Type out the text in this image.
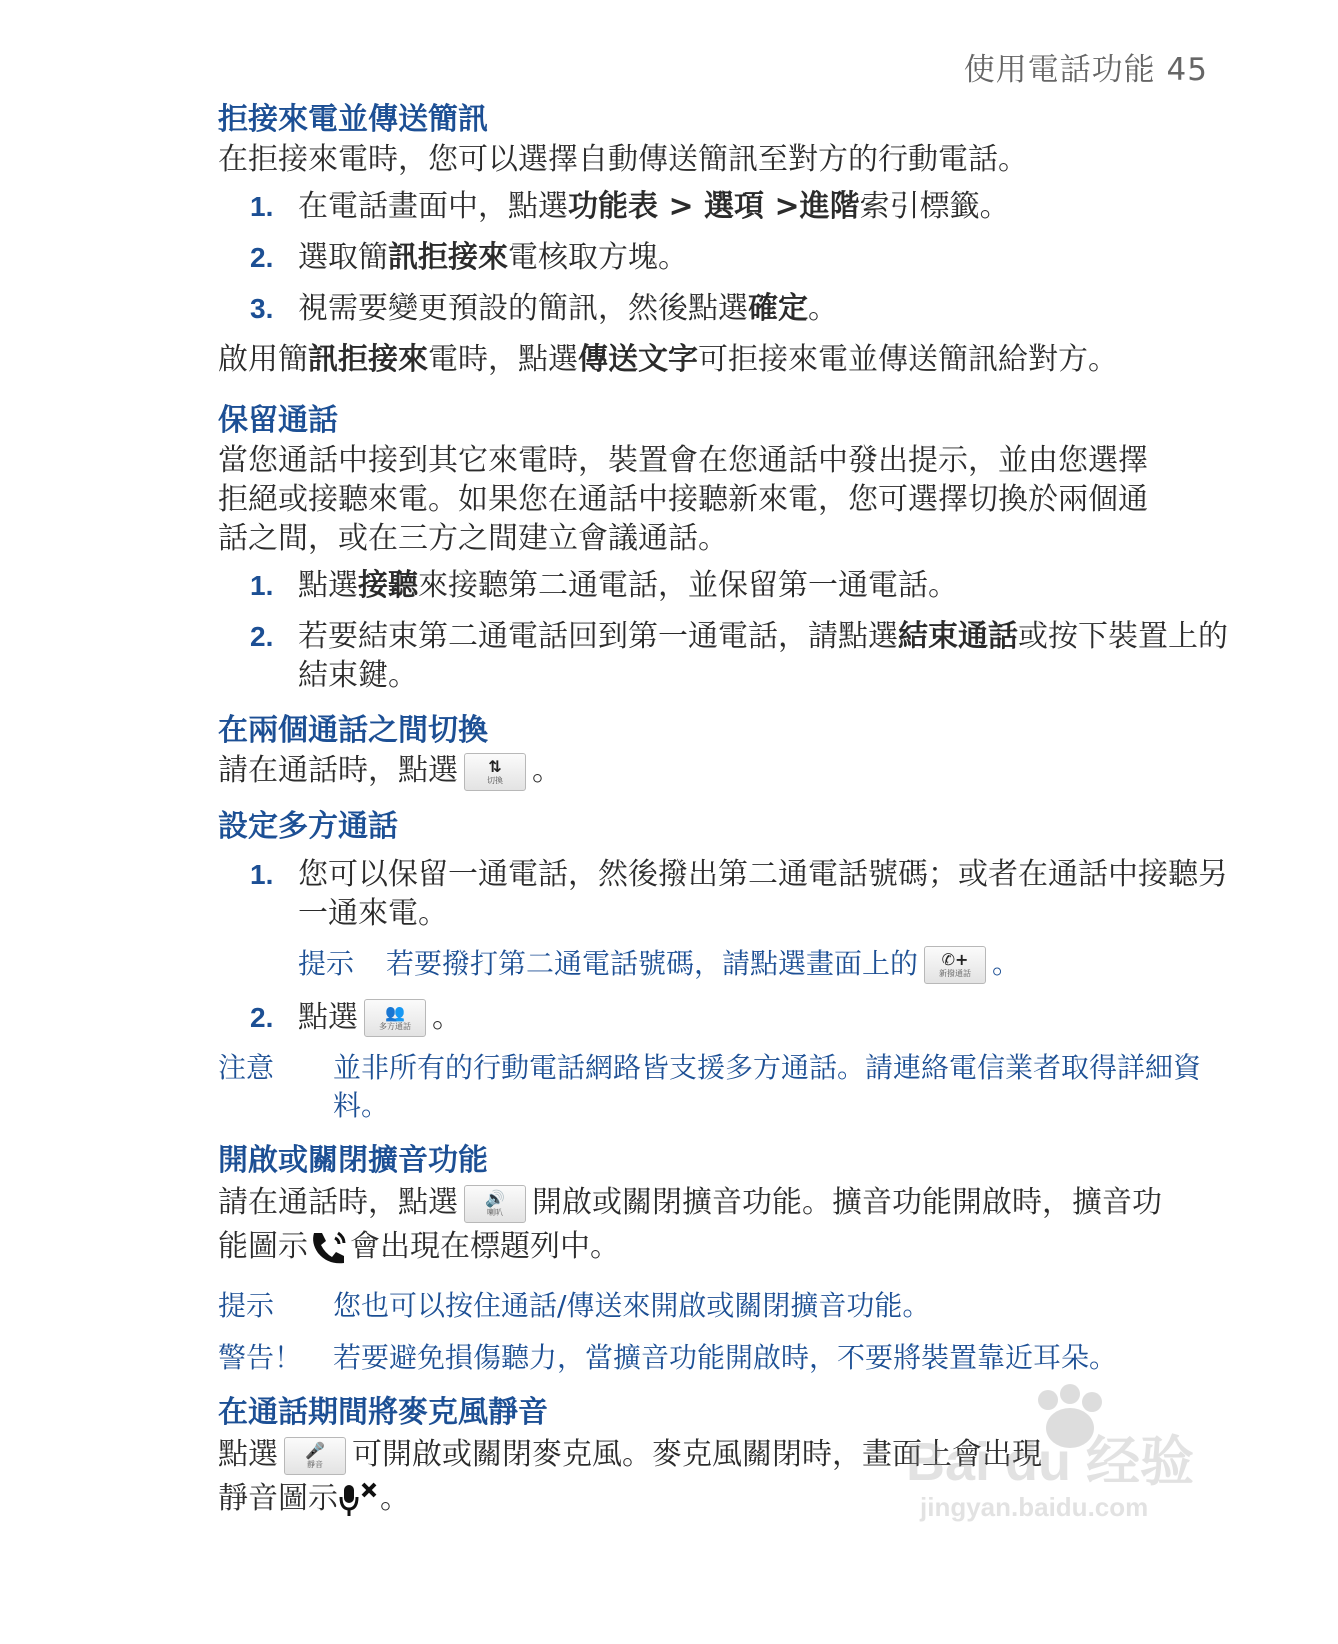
使用電話功能 45
拒接來電並傳送簡訊

在拒接來電時，您可以選擇自動傳送簡訊至對方的行動電話。

1. 在電話畫面中，點選功能表 > 選項 >進階索引標籤。
2. 選取簡訊拒接來電核取方塊。
3. 視需要變更預設的簡訊，然後點選確定。

啟用簡訊拒接來電時，點選傳送文字可拒接來電並傳送簡訊給對方。

保留通話

當您通話中接到其它來電時，裝置會在您通話中發出提示，並由您選擇
拒絕或接聽來電。如果您在通話中接聽新來電，您可選擇切換於兩個通
話之間，或在三方之間建立會議通話。

1. 點選接聽來接聽第二通電話，並保留第一通電話。
2. 若要結束第二通電話回到第一通電話，請點選結束通話或按下裝置上的結束鍵。
在兩個通話之間切換

請在通話時，點選 ⇅
切換 。

設定多方通話
1. 您可以保留一通電話，然後撥出第二通電話號碼；或者在通話中接聽另一通來電。
提示	若要撥打第二通電話號碼，請點選畫面上的 ✆+
新撥通話 。
2. 點選 👥
多方通話 。
注意	並非所有的行動電話網路皆支援多方通話。請連絡電信業者取得詳細資料。
開啟或關閉擴音功能

請在通話時，點選 🔊
喇叭 開啟或關閉擴音功能。擴音功能開啟時，擴音功
能圖示 會出現在標題列中。

提示	您也可以按住通話/傳送來開啟或關閉擴音功能。
警告！	若要避免損傷聽力，當擴音功能開啟時，不要將裝置靠近耳朵。
在通話期間將麥克風靜音

點選 🎤
靜音 可開啟或關閉麥克風。麥克風關閉時，畫面上會出現
靜音圖示 。

Bai du 经验
jingyan.baidu.com
